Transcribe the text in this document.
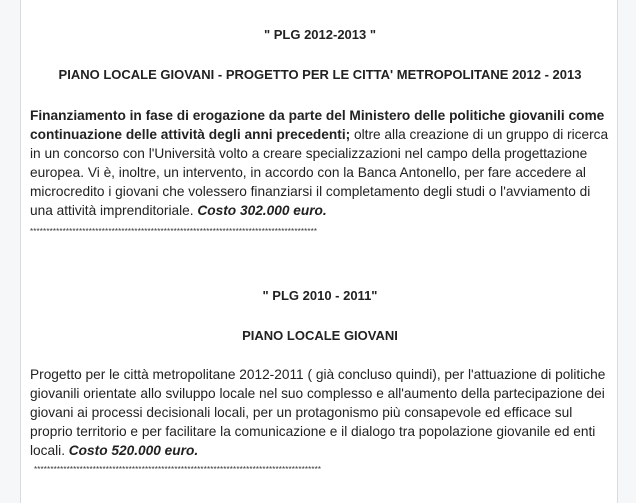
" PLG 2012-2013 "
PIANO LOCALE GIOVANI - PROGETTO PER LE CITTA' METROPOLITANE 2012 - 2013
Finanziamento in fase di erogazione da parte del Ministero delle politiche giovanili come continuazione delle attività degli anni precedenti; oltre alla creazione di un gruppo di ricerca in un concorso con l'Università volto a creare specializzazioni nel campo della progettazione europea. Vi è, inoltre, un intervento, in accordo con la Banca Antonello, per fare accedere al microcredito i giovani che volessero finanziarsi il completamento degli studi o l'avviamento di una attività imprenditoriale. Costo 302.000 euro.
****************************************************************************************
" PLG 2010 - 2011"
PIANO LOCALE GIOVANI
Progetto per le città metropolitane 2012-2011 ( già concluso quindi), per l'attuazione di politiche giovanili orientate allo sviluppo locale nel suo complesso e all'aumento della partecipazione dei giovani ai processi decisionali locali, per un protagonismo più consapevole ed efficace sul proprio territorio e per facilitare la comunicazione e il dialogo tra popolazione giovanile ed enti locali. Costo 520.000 euro.
****************************************************************************************
